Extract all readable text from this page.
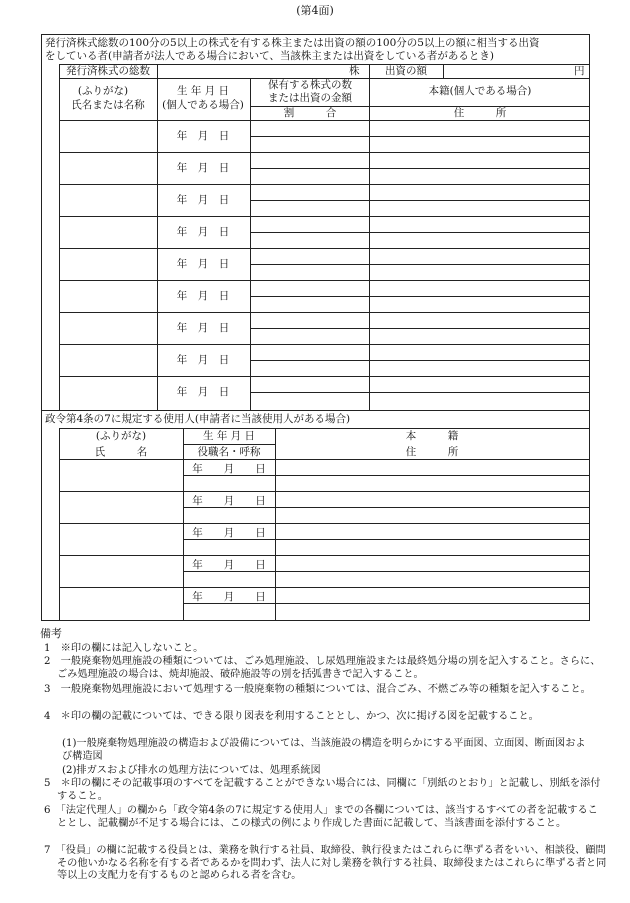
(第4面)
発行済株式総数の100分の5以上の株式を有する株主または出資の額の100分の5以上の額に相当する出資
をしている者(申請者が法人である場合において、当該株主または出資をしている者があるとき)
発行済株式の総数	株 出資の額	円
(ふりがな)
氏名または名称
生 年 月 日
(個人である場合)
保有する株式の数
または出資の金額
割　　　合
本籍(個人である場合)
住　　　所
年　月　日
年　月　日
年　月　日
年　月　日
年　月　日
年　月　日
年　月　日
年　月　日
年　月　日
政令第4条の7に規定する使用人(申請者に当該使用人がある場合)
(ふりがな)
氏　　　名
生 年 月 日
役職名・呼称
本　　　籍
住　　　所
年　　月　　日
年　　月　　日
年　　月　　日
年　　月　　日
年　　月　　日
備考
1　※印の欄には記入しないこと。
2　一般廃棄物処理施設の種類については、ごみ処理施設、し尿処理施設または最終処分場の別を記入すること。さらに、ごみ処理施設の場合は、焼却施設、破砕施設等の別を括弧書きで記入すること。
3　一般廃棄物処理施設において処理する一般廃棄物の種類については、混合ごみ、不燃ごみ等の種類を記入すること。
4　＊印の欄の記載については、できる限り図表を利用することとし、かつ、次に掲げる図を記載すること。
(1)一般廃棄物処理施設の構造および設備については、当該施設の構造を明らかにする平面図、立面図、断面図および構造図
(2)排ガスおよび排水の処理方法については、処理系統図
5　＊印の欄にその記載事項のすべてを記載することができない場合には、同欄に「別紙のとおり」と記載し、別紙を添付すること。
6　「法定代理人」の欄から「政令第4条の7に規定する使用人」までの各欄については、該当するすべての者を記載することとし、記載欄が不足する場合には、この様式の例により作成した書面に記載して、当該書面を添付すること。
7　「役員」の欄に記載する役員とは、業務を執行する社員、取締役、執行役またはこれらに準ずる者をいい、相談役、顧問その他いかなる名称を有する者であるかを問わず、法人に対し業務を執行する社員、取締役またはこれらに準ずる者と同等以上の支配力を有するものと認められる者を含む。
